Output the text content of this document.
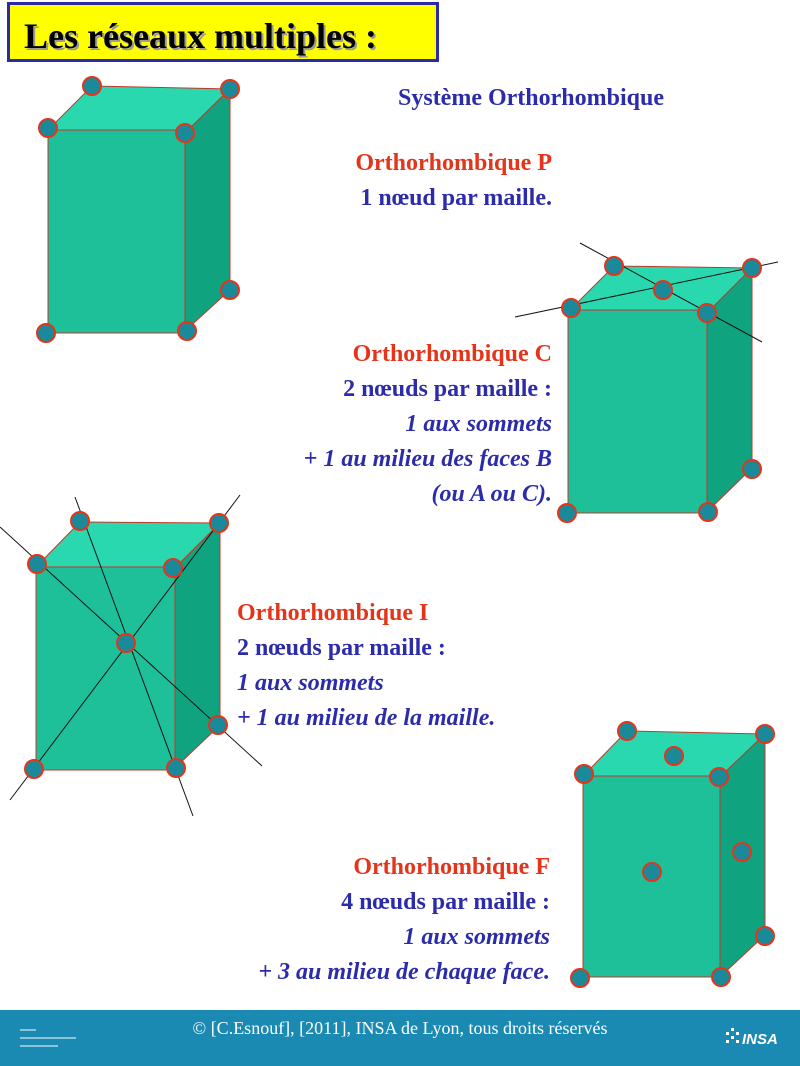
Les réseaux multiples :
Système Orthorhombique
Orthorhombique P
1 nœud par maille.
Orthorhombique C
2 nœuds par maille :
1 aux sommets
+ 1 au milieu des faces B
(ou A ou C).
Orthorhombique I
2 nœuds par maille :
1 aux sommets
+ 1 au milieu de la maille.
Orthorhombique F
4 nœuds par maille :
1 aux sommets
+ 3 au milieu de chaque face.
© [C.Esnouf], [2011], INSA de Lyon, tous droits réservés
INSA
